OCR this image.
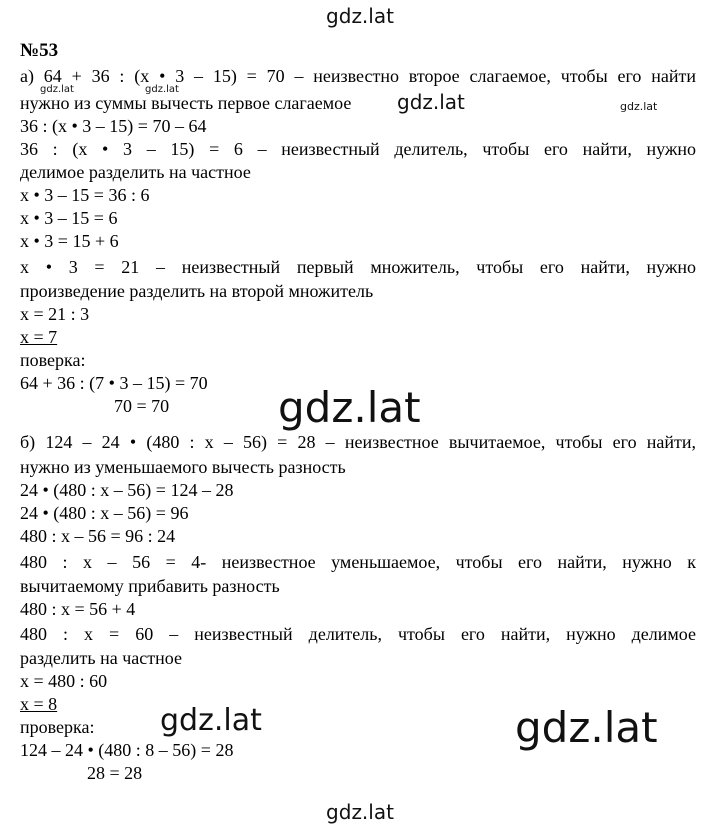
gdz.lat
№53
а) 64 + 36 : (x • 3 – 15) = 70 – неизвестно второе слагаемое, чтобы его найти
нужно из суммы вычесть первое слагаемое
36 : (x • 3 – 15) = 70 – 64
36 : (x • 3 – 15) = 6 – неизвестный делитель, чтобы его найти, нужно
делимое разделить на частное
x • 3 – 15 = 36 : 6
x • 3 – 15 = 6
x • 3 = 15 + 6
x • 3 = 21 – неизвестный первый множитель, чтобы его найти, нужно
произведение разделить на второй множитель
x = 21 : 3
x = 7
поверка:
64 + 36 : (7 • 3 – 15) = 70
70 = 70
б) 124 – 24 • (480 : x – 56) = 28 – неизвестное вычитаемое, чтобы его найти,
нужно из уменьшаемого вычесть разность
24 • (480 : x – 56) = 124 – 28
24 • (480 : x – 56) = 96
480 : x – 56 = 96 : 24
480 : x – 56 = 4- неизвестное уменьшаемое, чтобы его найти, нужно к
вычитаемому прибавить разность
480 : x = 56 + 4
480 : x = 60 – неизвестный делитель, чтобы его найти, нужно делимое
разделить на частное
x = 480 : 60
x = 8
проверка:
124 – 24 • (480 : 8 – 56) = 28
28 = 28
gdz.lat	gdz.lat
gdz.lat	gdz.lat
gdz.lat
gdz.lat	gdz.lat
gdz.lat
